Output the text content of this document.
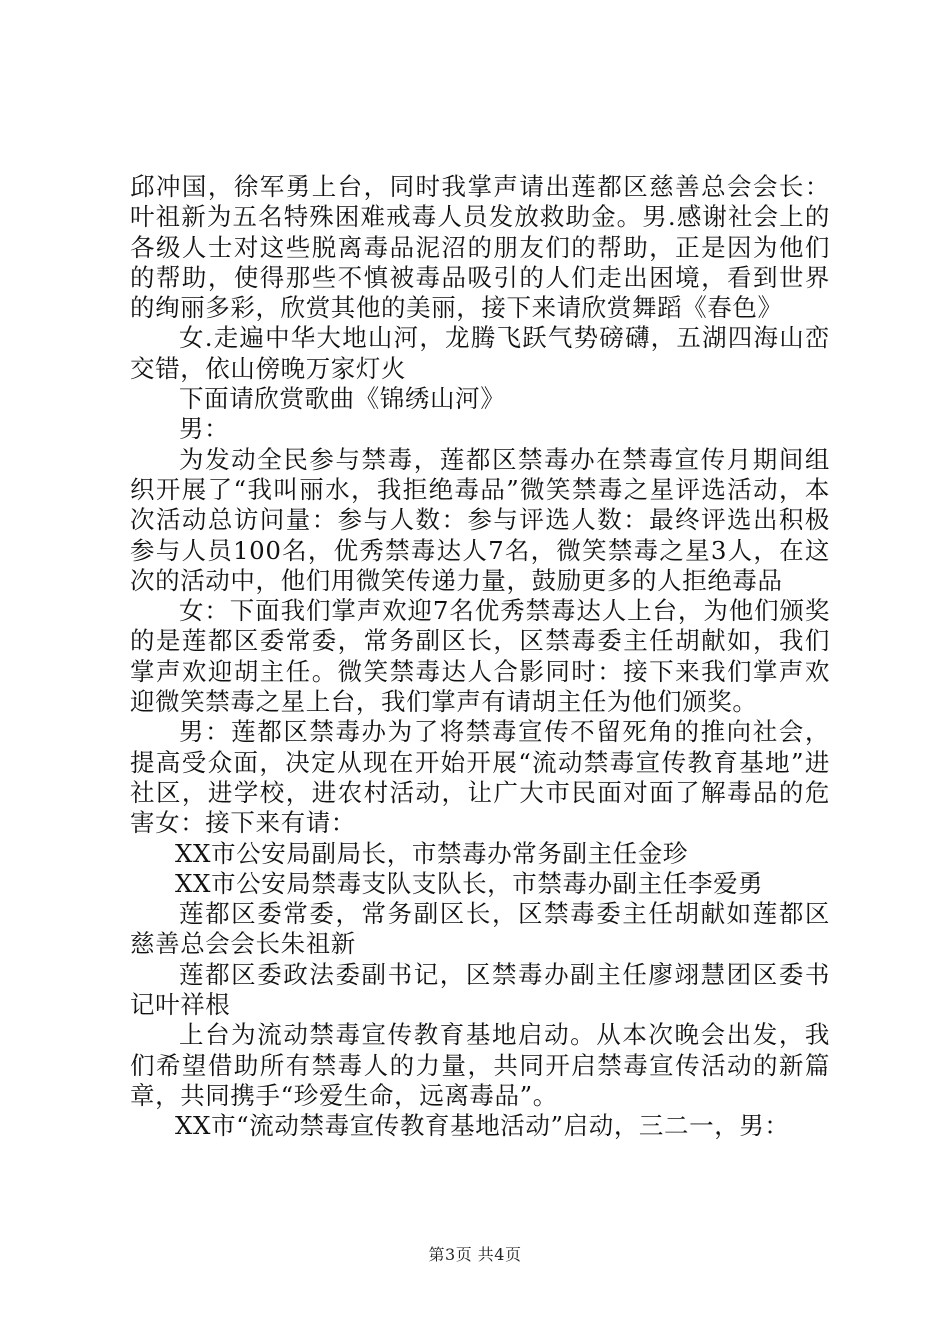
邱冲国，徐军勇上台，同时我掌声请出莲都区慈善总会会长：叶祖新为五名特殊困难戒毒人员发放救助金。男.感谢社会上的各级人士对这些脱离毒品泥沼的朋友们的帮助，正是因为他们的帮助，使得那些不慎被毒品吸引的人们走出困境，看到世界的绚丽多彩，欣赏其他的美丽，接下来请欣赏舞蹈《春色》

女.走遍中华大地山河，龙腾飞跃气势磅礴，五湖四海山峦交错，依山傍晚万家灯火

下面请欣赏歌曲《锦绣山河》

男：

为发动全民参与禁毒，莲都区禁毒办在禁毒宣传月期间组织开展了“我叫丽水，我拒绝毒品”微笑禁毒之星评选活动，本次活动总访问量：参与人数：参与评选人数：最终评选出积极参与人员100名，优秀禁毒达人7名，微笑禁毒之星3人，在这次的活动中，他们用微笑传递力量，鼓励更多的人拒绝毒品

女：下面我们掌声欢迎7名优秀禁毒达人上台，为他们颁奖的是莲都区委常委，常务副区长，区禁毒委主任胡献如，我们掌声欢迎胡主任。微笑禁毒达人合影同时：接下来我们掌声欢迎微笑禁毒之星上台，我们掌声有请胡主任为他们颁奖。

男：莲都区禁毒办为了将禁毒宣传不留死角的推向社会，提高受众面，决定从现在开始开展“流动禁毒宣传教育基地”进社区，进学校，进农村活动，让广大市民面对面了解毒品的危害女：接下来有请：

XX市公安局副局长，市禁毒办常务副主任金珍

XX市公安局禁毒支队支队长，市禁毒办副主任李爱勇

莲都区委常委，常务副区长，区禁毒委主任胡献如莲都区慈善总会会长朱祖新

莲都区委政法委副书记，区禁毒办副主任廖翊慧团区委书记叶祥根

上台为流动禁毒宣传教育基地启动。从本次晚会出发，我们希望借助所有禁毒人的力量，共同开启禁毒宣传活动的新篇章，共同携手“珍爱生命，远离毒品”。

XX市“流动禁毒宣传教育基地活动”启动，三二一，男：

第3页 共4页
